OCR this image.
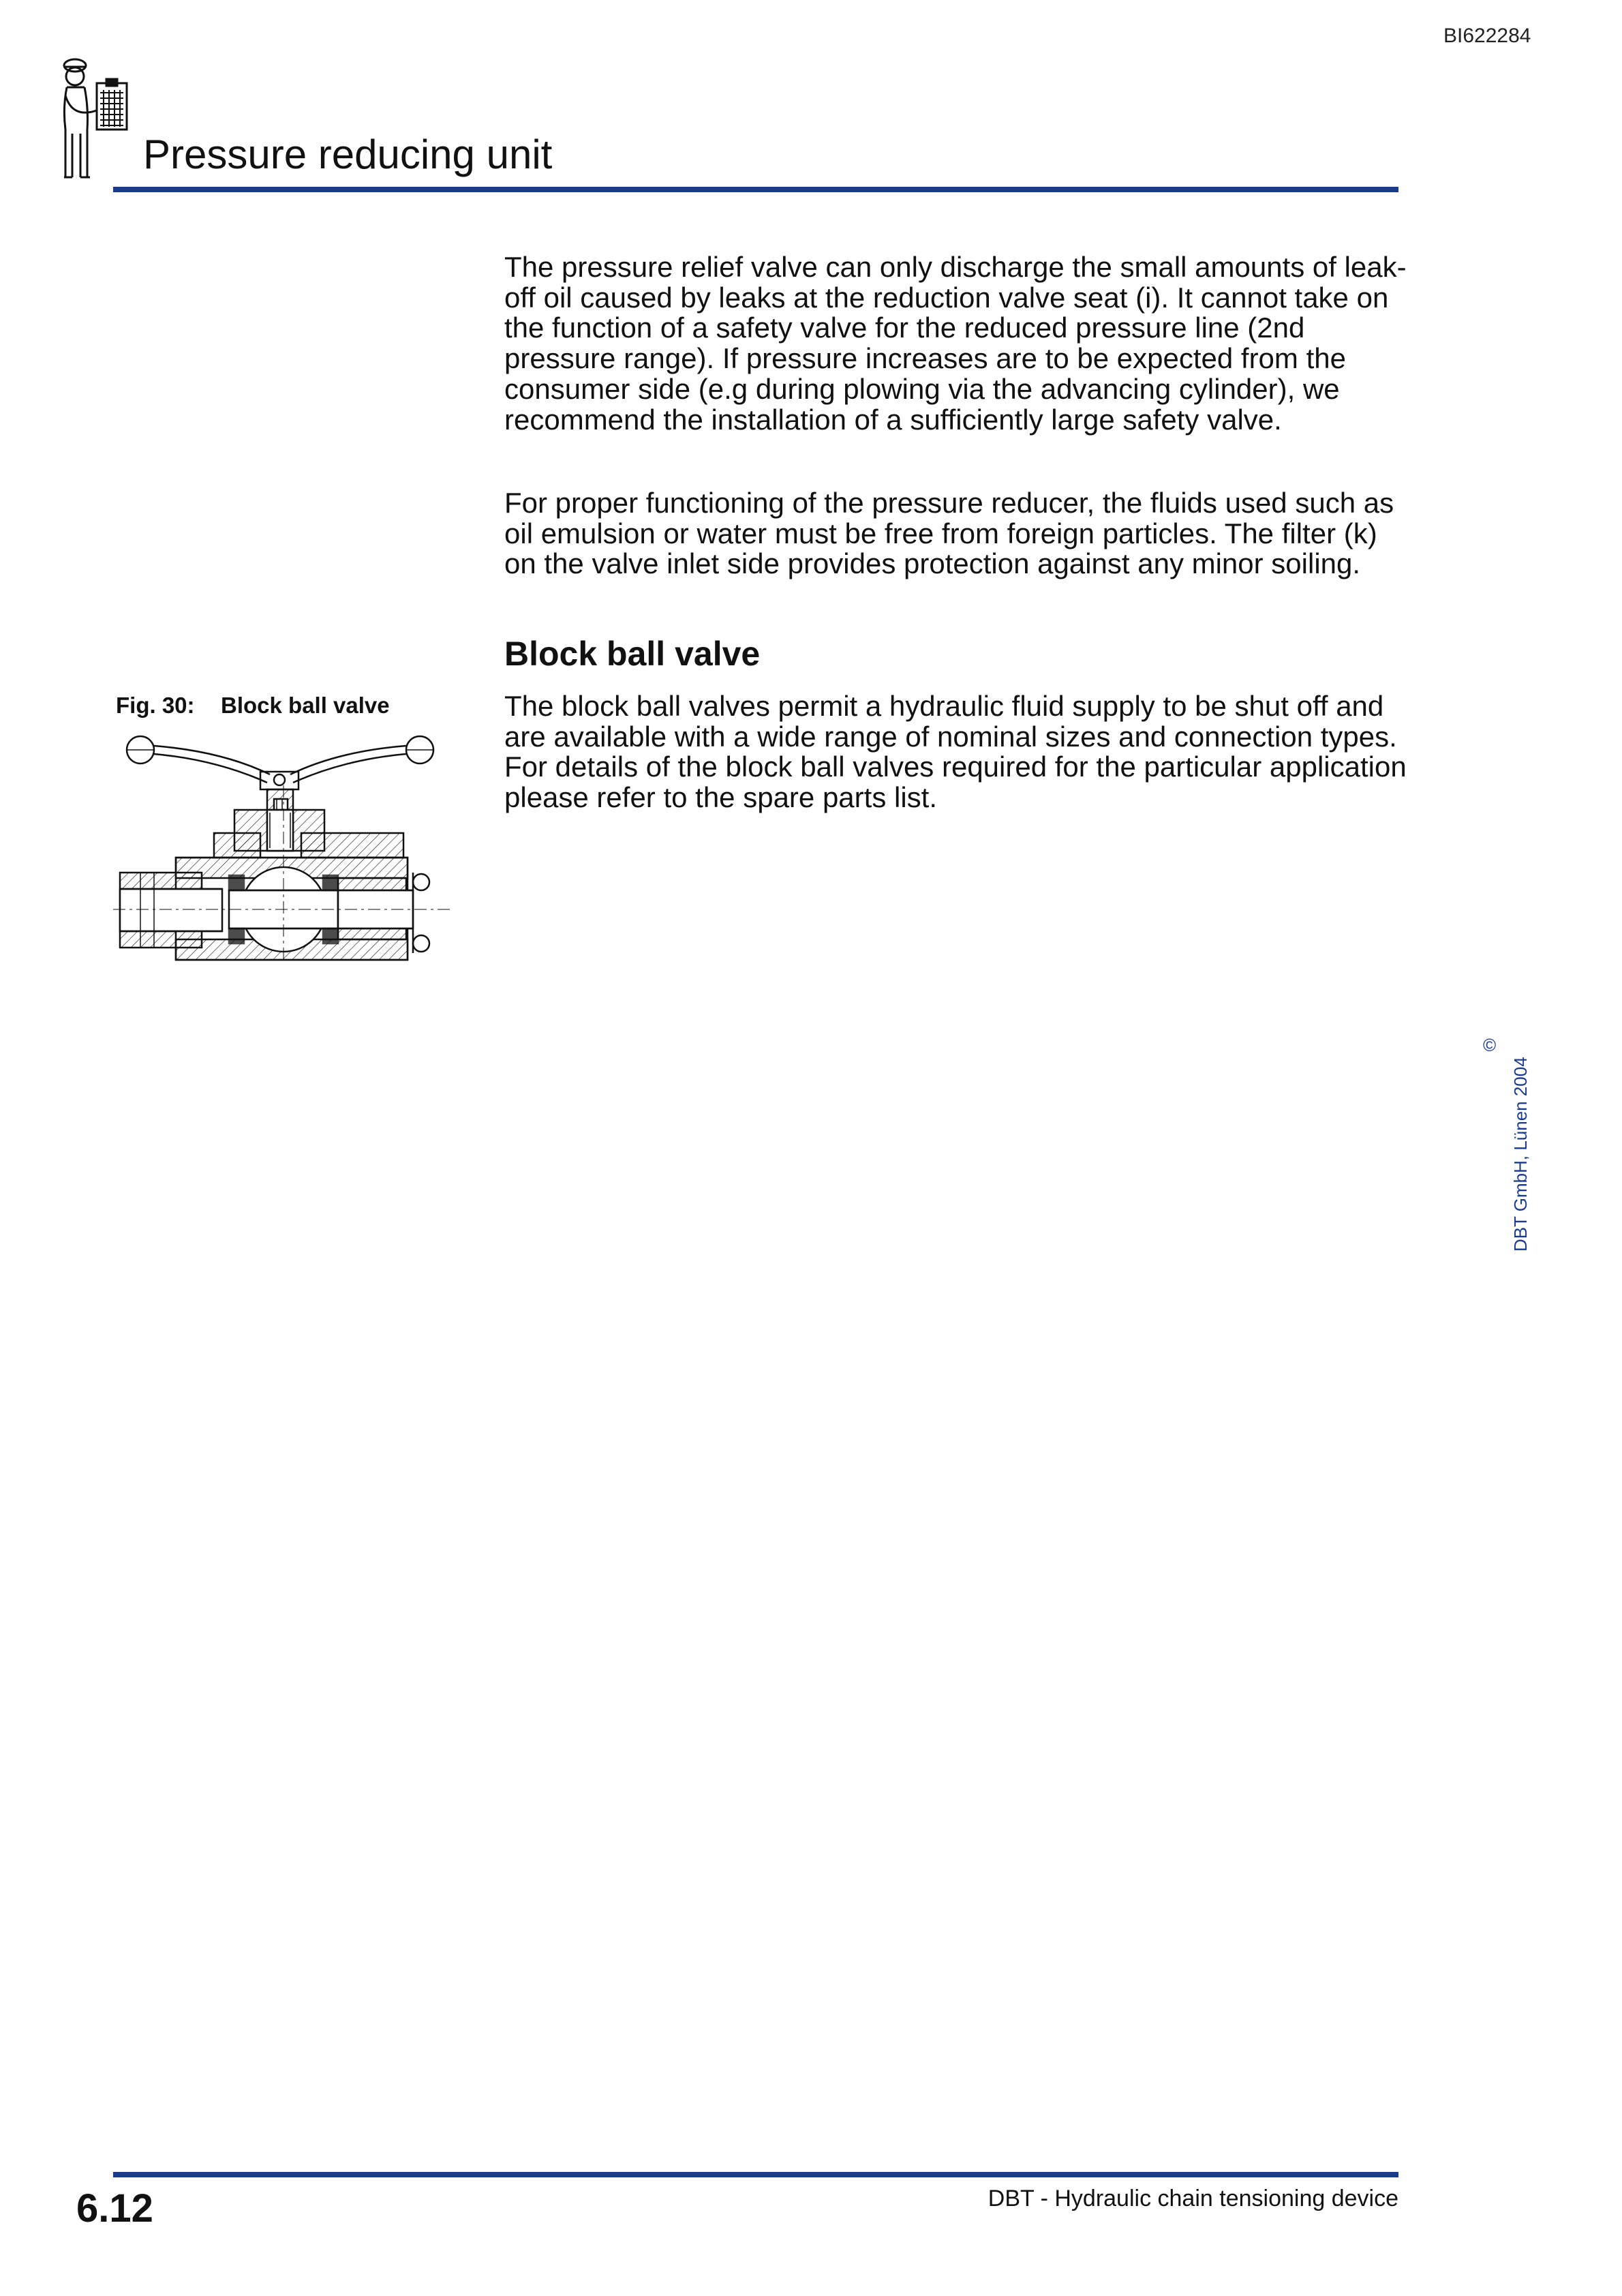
BI622284
Pressure reducing unit

The pressure relief valve can only discharge the small amounts of leak-off oil caused by leaks at the reduction valve seat (i). It cannot take on the function of a safety valve for the reduced pressure line (2nd pressure range). If pressure increases are to be expected from the consumer side (e.g during plowing via the advancing cylinder), we recommend the installation of a sufficiently large safety valve.

For proper functioning of the pressure reducer, the fluids used such as oil emulsion or water must be free from foreign particles. The filter (k) on the valve inlet side provides protection against any minor soiling.

Block ball valve
The block ball valves permit a hydraulic fluid supply to be shut off and are available with a wide range of nominal sizes and connection types.
For details of the block ball valves required for the particular application please refer to the spare parts list.
Fig. 30: Block ball valve
©
DBT GmbH, Lünen 2004
DBT - Hydraulic chain tensioning device
6.12
